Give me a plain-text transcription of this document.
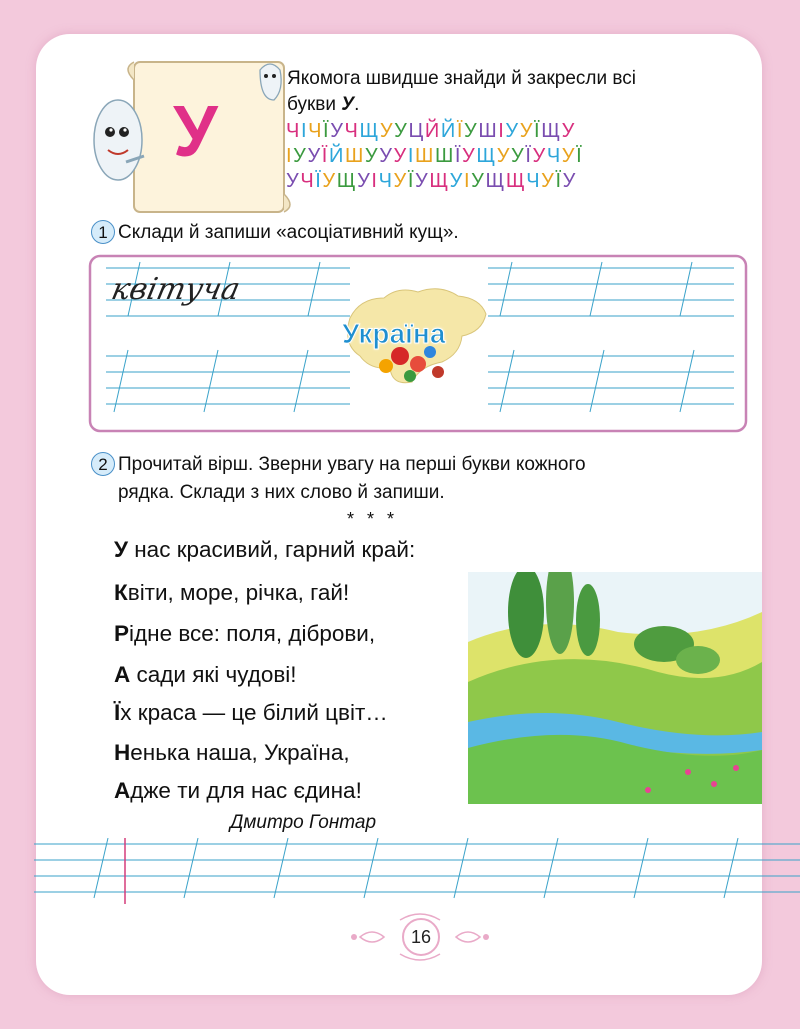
У
Якомога швидше знайди й закресли всі
букви У.
ЧІЧЇУЧЩУУЦЙЙЇУШІУУЇЩУ
ІУУЇЙШУУУІШШЇУЩУУЇУЧУЇ
УЧЇУЩУІЧУЇУЩУІУЩЩЧУЇУ
1 Склади й запиши «асоціативний кущ».
квітуча
Україна
2 Прочитай вірш. Зверни увагу на перші букви кожного
рядка. Склади з них слово й запиши.
* * *
У нас красивий, гарний край:
Квіти, море, річка, гай!
Рідне все: поля, діброви,
А сади які чудові!
Їх краса — це білий цвіт…
Ненька наша, Україна,
Адже ти для нас єдина!
Дмитро Гонтар
16
